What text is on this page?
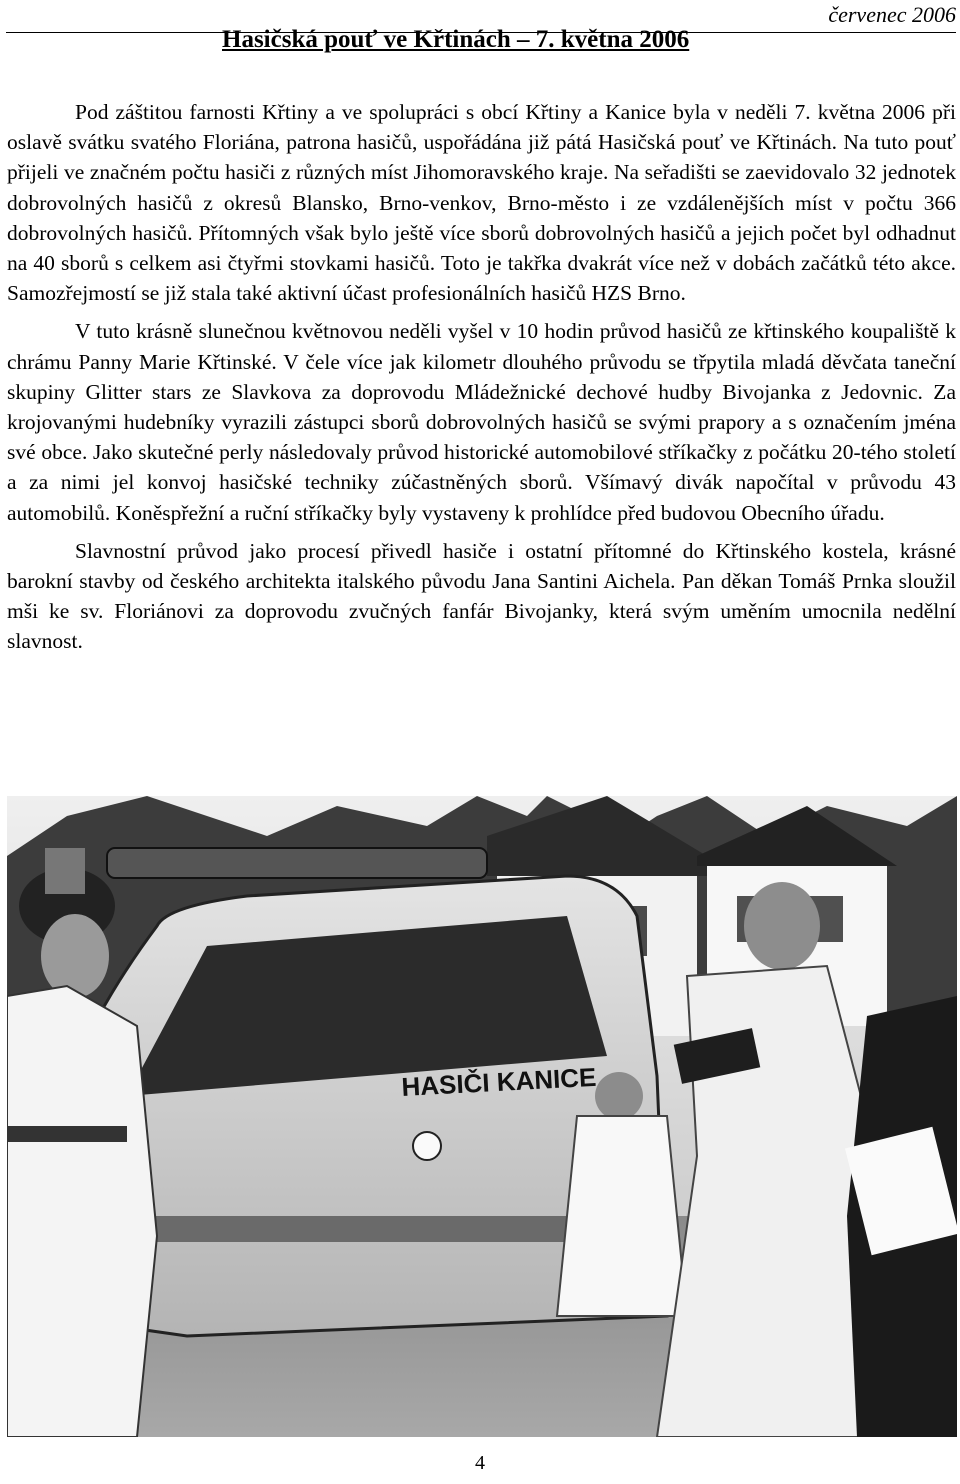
červenec 2006
Hasičská pouť ve Křtinách – 7. května 2006

Pod záštitou farnosti Křtiny a ve spolupráci s obcí Křtiny a Kanice byla v neděli 7. května 2006 při oslavě svátku svatého Floriána, patrona hasičů, uspořádána již pátá Hasičská pouť ve Křtinách. Na tuto pouť přijeli ve značném počtu hasiči z různých míst Jihomoravského kraje. Na seřadišti se zaevidovalo 32 jednotek dobrovolných hasičů z okresů Blansko, Brno-venkov, Brno-město i ze vzdálenějších míst v počtu 366 dobrovolných hasičů. Přítomných však bylo ještě více sborů dobrovolných hasičů a jejich počet byl odhadnut na 40 sborů s celkem asi čtyřmi stovkami hasičů. Toto je takřka dvakrát více než v dobách začátků této akce. Samozřejmostí se již stala také aktivní účast profesionálních hasičů HZS Brno.

V tuto krásně slunečnou květnovou neděli vyšel v 10 hodin průvod hasičů ze křtinského koupaliště k chrámu Panny Marie Křtinské. V čele více jak kilometr dlouhého průvodu se třpytila mladá děvčata taneční skupiny Glitter stars ze Slavkova za doprovodu Mládežnické dechové hudby Bivojanka z Jedovnic. Za krojovanými hudebníky vyrazili zástupci sborů dobrovolných hasičů se svými prapory a s označením jména své obce. Jako skutečné perly následovaly průvod historické automobilové stříkačky z počátku 20-tého století a za nimi jel konvoj hasičské techniky zúčastněných sborů. Všímavý divák napočítal v průvodu 43 automobilů. Koněspřežní a ruční stříkačky byly vystaveny k prohlídce před budovou Obecního úřadu.

Slavnostní průvod jako procesí přivedl hasiče i ostatní přítomné do Křtinského kostela, krásné barokní stavby od českého architekta italského původu Jana Santini Aichela. Pan děkan Tomáš Prnka sloužil mši ke sv. Floriánovi za doprovodu zvučných fanfár Bivojanky, která svým uměním umocnila nedělní slavnost.

HASIČI KANICE
4
